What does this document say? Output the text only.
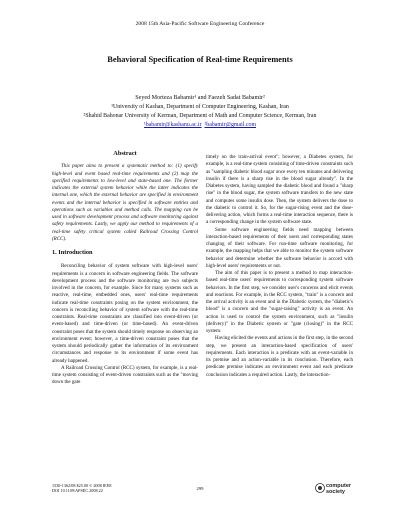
2008 15th Asia-Pacific Software Engineering Conference
Behavioral Specification of Real-time Requirements
Seyed Morteza Babamir¹ and Faezeh Sadat Babamir²
¹University of Kashan, Department of Computer Engineering, Kashan, Iran
²Shahid Bahonar University of Kerman, Department of Math and Computer Science, Kerman, Iran
¹babamir@kashanu.ac.ir ²babamir@gmail.com
Abstract

This paper aims to present a systematic method to: (1) specify high-level and event based real-time requirements and (2) map the specified requirements to low-level and state-based one. The former indicates the external system behavior while the latter indicates the internal one, which the external behavior are specified in environment events and the internal behavior is specified in software entities and operations such as variables and method calls. The mapping can be used in software development process and software monitoring against safety requirements. Lastly, we apply our method to requirements of a real-time safety critical system called Railroad Crossing Control (RCC).

1. Introduction

Reconciling behavior of system software with high-level users' requirements is a concern in software engineering fields. The software development process and the software monitoring are two subjects involved in the concern, for example. Since for many systems such as reactive, real-time, embedded ones, users' real-time requirements indicate real-time constraints posing on the system environment, the concern is reconciling behavior of system software with the real-time constraints. Real-time constraints are classified into event-driven (or event-based) and time-driven (or time-based). An event-driven constraint poses that the system should timely response on observing an environment event; however, a time-driven constraint poses that the system should periodically gather the information of its environment circumstances and response to its environment if some event has already happened.

A Railroad Crossing Control (RCC) system, for example, is a real-time system consisting of event-driven constraints such as the "moving down the gate

timely on the train-arrival event"; however, a Diabetes system, for example, is a real-time system consisting of time-driven constraints such as "sampling diabetic blood sugar once every ten minutes and delivering insulin if there is a sharp rise in the blood sugar already". In the Diabetes system, having sampled the diabetic blood and found a "sharp rise" in the blood sugar, the system software transfers to the new state and computes some insulin dose. Then, the system delivers the dose to the diabetic to control it. So, for the sugar-rising event and the dose-delivering action, which forms a real-time interaction sequence, there is a corresponding change in the system software state.

Some software engineering fields need mapping between interaction-based requirements of their users and corresponding states changing of their software. For run-time software monitoring, for example, the mapping helps that we able to monitor the system software behavior and determine whether the software behavior is accord with high-level users' requirements or not.

The aim of this paper is to present a method to map interaction-based real-time users' requirements to corresponding system software behaviors. In the first step, we consider user's concerns and elicit events and reactions. For example, in the RCC system, "train" is a concern and the arrival activity is an event and in the Diabetic system, the "diabetic's blood" is a concern and the "sugar-raising" activity is an event. An action is used to control the system environment, such as "insulin (delivery)" in the Diabetic system or "gate (closing)" in the RCC system.

Having elicited the events and actions in the first step, in the second step, we present an interaction-based specification of users' requirements. Each interaction is a predicate with an event-variable in its premise and an action-variable in its conclusion. Therefore, each predicate premise indicates an environment event and each predicate conclusion indicates a required action. Lastly, the interaction-

1530-1362/08 $25.00 © 2008 IEEE
DOI 10.1109/APSEC.2008.22	299	computer
society
